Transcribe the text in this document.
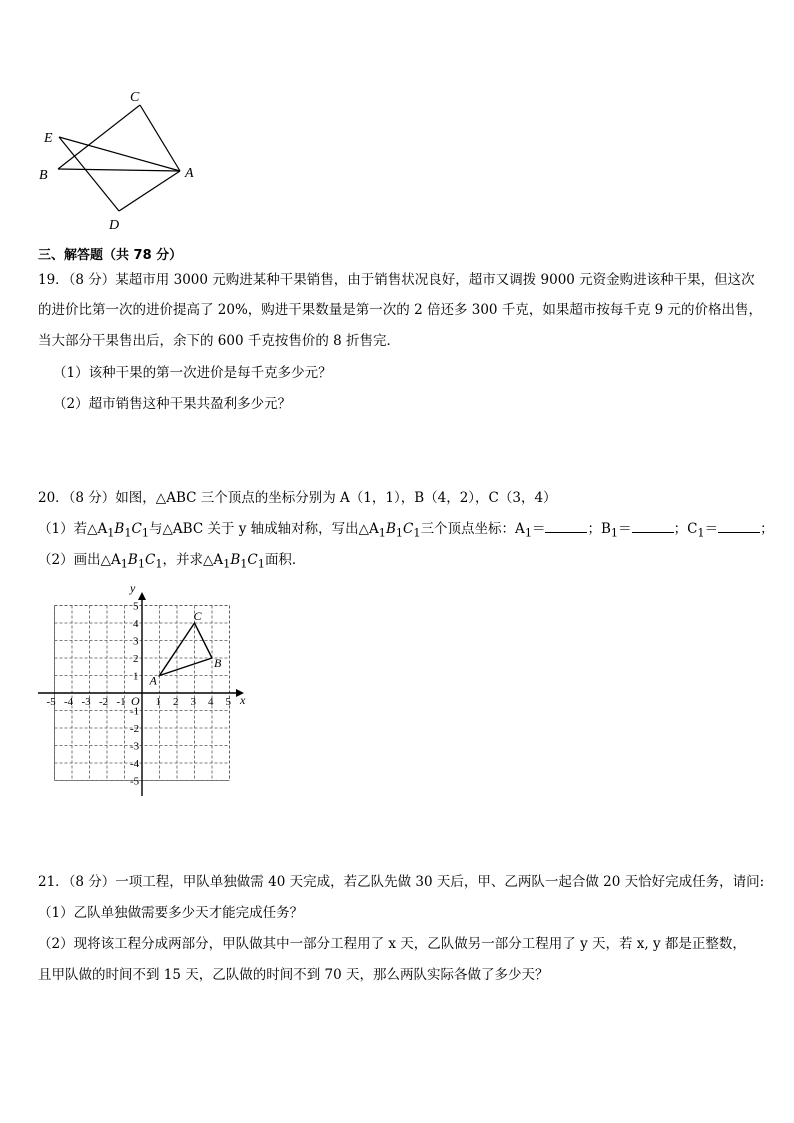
C
E
B	A
D
三、解答题（共 78 分）
19．（8 分）某超市用 3000 元购进某种干果销售，由于销售状况良好，超市又调拨 9000 元资金购进该种干果，但这次
的进价比第一次的进价提高了 20%，购进干果数量是第一次的 2 倍还多 300 千克，如果超市按每千克 9 元的价格出售，
当大部分干果售出后，余下的 600 千克按售价的 8 折售完．
（1）该种干果的第一次进价是每千克多少元？
（2）超市销售这种干果共盈利多少元？
20．（8 分）如图，△ABC 三个顶点的坐标分别为 A（1，1），B（4，2），C（3，4）
（1）若$\triangle A_1B_1C_1$与△ABC 关于 y 轴成轴对称，写出$\triangle A_1B_1C_1$三个顶点坐标：$A_1=$	；$B_1=$	；$C_1=$	；
（2）画出$\triangle A_1B_1C_1$，并求$\triangle A_1B_1C_1$面积．
x
y
O
-5 -4 -3 -2 -1	1 2 3 4 5
5
4
3
2
1
-1
-2
-3
-4
-5
A
B
C
21．（8 分）一项工程，甲队单独做需 40 天完成，若乙队先做 30 天后，甲、乙两队一起合做 20 天恰好完成任务，请问:
（1）乙队单独做需要多少天才能完成任务？
（2）现将该工程分成两部分，甲队做其中一部分工程用了 x 天，乙队做另一部分工程用了 y 天，若 x, y 都是正整数，
且甲队做的时间不到 15 天，乙队做的时间不到 70 天，那么两队实际各做了多少天？
